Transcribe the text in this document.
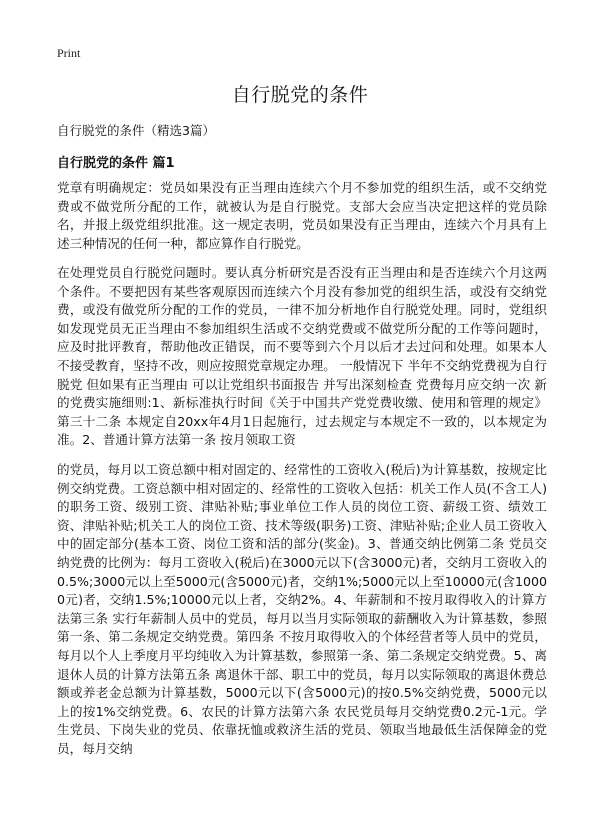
Print
自行脱党的条件
自行脱党的条件（精选3篇）
自行脱党的条件 篇1

党章有明确规定：党员如果没有正当理由连续六个月不参加党的组织生活，或不交纳党费或不做党所分配的工作，就被认为是自行脱党。支部大会应当决定把这样的党员除名，并报上级党组织批准。这一规定表明，党员如果没有正当理由，连续六个月具有上述三种情况的任何一种，都应算作自行脱党。

在处理党员自行脱党问题时。要认真分析研究是否没有正当理由和是否连续六个月这两个条件。不要把因有某些客观原因而连续六个月没有参加党的组织生活，或没有交纳党费，或没有做党所分配的工作的党员，一律不加分析地作自行脱党处理。同时，党组织如发现党员无正当理由不参加组织生活或不交纳党费或不做党所分配的工作等问题时，应及时批评教育，帮助他改正错误，而不要等到六个月以后才去过问和处理。如果本人不接受教育，坚持不改，则应按照党章规定办理。 一般情况下 半年不交纳党费视为自行脱党 但如果有正当理由 可以让党组织书面报告 并写出深刻检查 党费每月应交纳一次 新的党费实施细则:1、新标准执行时间《关于中国共产党党费收缴、使用和管理的规定》第三十二条 本规定自20xx年4月1日起施行，过去规定与本规定不一致的，以本规定为准。2、普通计算方法第一条 按月领取工资

的党员，每月以工资总额中相对固定的、经常性的工资收入(税后)为计算基数，按规定比例交纳党费。工资总额中相对固定的、经常性的工资收入包括：机关工作人员(不含工人)的职务工资、级别工资、津贴补贴;事业单位工作人员的岗位工资、薪级工资、绩效工资、津贴补贴;机关工人的岗位工资、技术等级(职务)工资、津贴补贴;企业人员工资收入中的固定部分(基本工资、岗位工资和活的部分(奖金)。3、普通交纳比例第二条 党员交纳党费的比例为：每月工资收入(税后)在3000元以下(含3000元)者，交纳月工资收入的0.5%;3000元以上至5000元(含5000元)者，交纳1%;5000元以上至10000元(含10000元)者，交纳1.5%;10000元以上者，交纳2%。4、年薪制和不按月取得收入的计算方法第三条 实行年薪制人员中的党员，每月以当月实际领取的薪酬收入为计算基数，参照第一条、第二条规定交纳党费。第四条 不按月取得收入的个体经营者等人员中的党员，每月以个人上季度月平均纯收入为计算基数，参照第一条、第二条规定交纳党费。5、离退休人员的计算方法第五条 离退休干部、职工中的党员，每月以实际领取的离退休费总额或养老金总额为计算基数，5000元以下(含5000元)的按0.5%交纳党费，5000元以上的按1%交纳党费。6、农民的计算方法第六条 农民党员每月交纳党费0.2元-1元。学生党员、下岗失业的党员、依靠抚恤或救济生活的党员、领取当地最低生活保障金的党员，每月交纳
